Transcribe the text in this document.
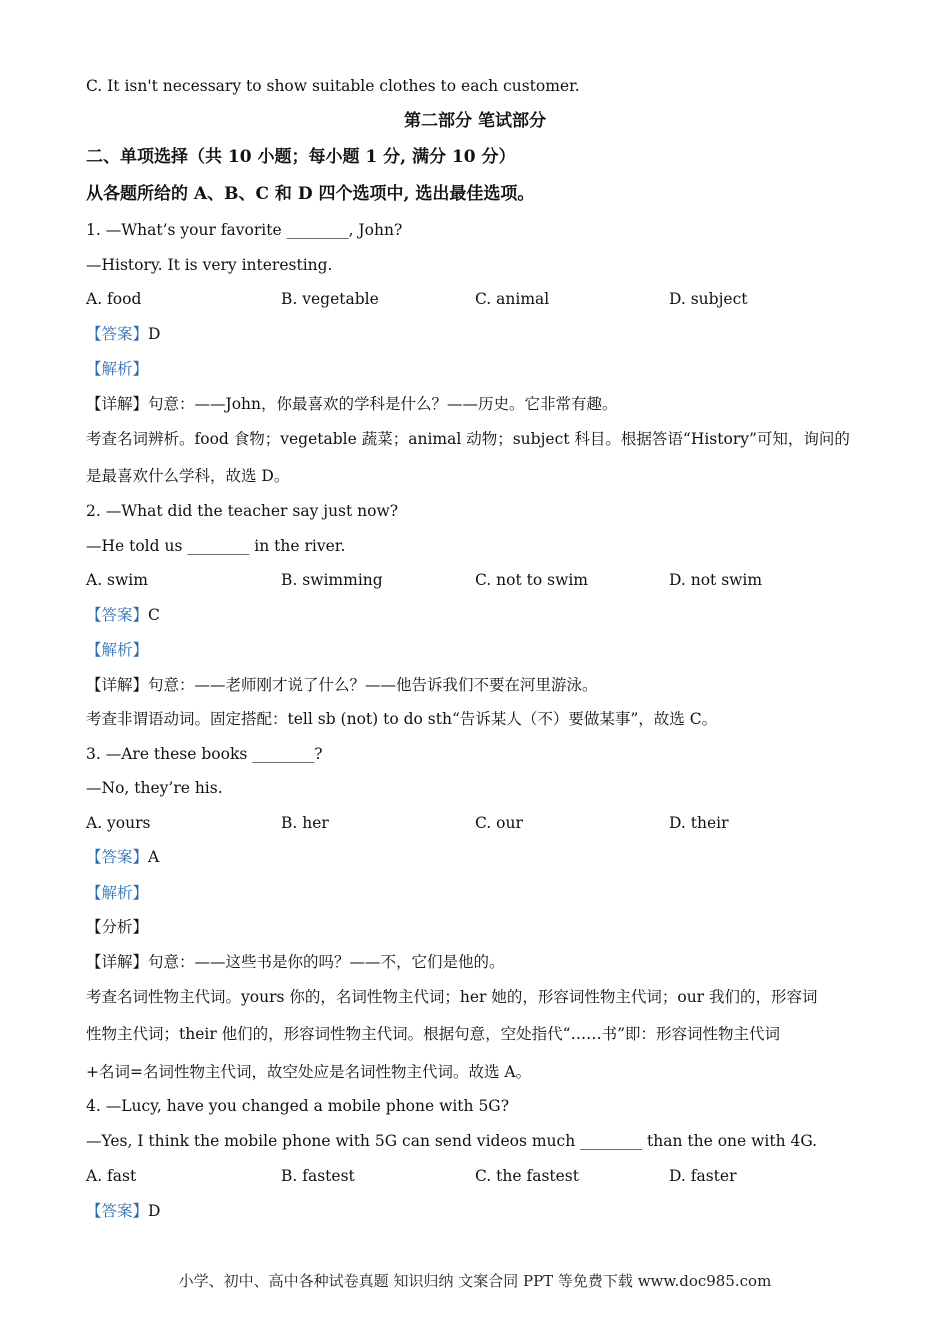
C. It isn't necessary to show suitable clothes to each customer.
第二部分 笔试部分
二、单项选择（共 10 小题；每小题 1 分, 满分 10 分）
从各题所给的 A、B、C 和 D 四个选项中, 选出最佳选项。
1. —What’s your favorite ________, John?
—History. It is very interesting.
A. food	B. vegetable	C. animal	D. subject
【答案】D
【解析】
【详解】句意：——John，你最喜欢的学科是什么？——历史。它非常有趣。
考查名词辨析。food 食物；vegetable 蔬菜；animal 动物；subject 科目。根据答语“History”可知，询问的
是最喜欢什么学科，故选 D。
2. —What did the teacher say just now?
—He told us ________ in the river.
A. swim	B. swimming	C. not to swim	D. not swim
【答案】C
【解析】
【详解】句意：——老师刚才说了什么？——他告诉我们不要在河里游泳。
考查非谓语动词。固定搭配：tell sb (not) to do sth“告诉某人（不）要做某事”，故选 C。
3. —Are these books ________?
—No, they’re his.
A. yours	B. her	C. our	D. their
【答案】A
【解析】
【分析】
【详解】句意：——这些书是你的吗？——不，它们是他的。
考查名词性物主代词。yours 你的，名词性物主代词；her 她的，形容词性物主代词；our 我们的，形容词
性物主代词；their 他们的，形容词性物主代词。根据句意，空处指代“……书”即：形容词性物主代词
+名词=名词性物主代词，故空处应是名词性物主代词。故选 A。
4. —Lucy, have you changed a mobile phone with 5G?
—Yes, I think the mobile phone with 5G can send videos much ________ than the one with 4G.
A. fast	B. fastest	C. the fastest	D. faster
【答案】D
小学、初中、高中各种试卷真题 知识归纳 文案合同 PPT 等免费下载 www.doc985.com
